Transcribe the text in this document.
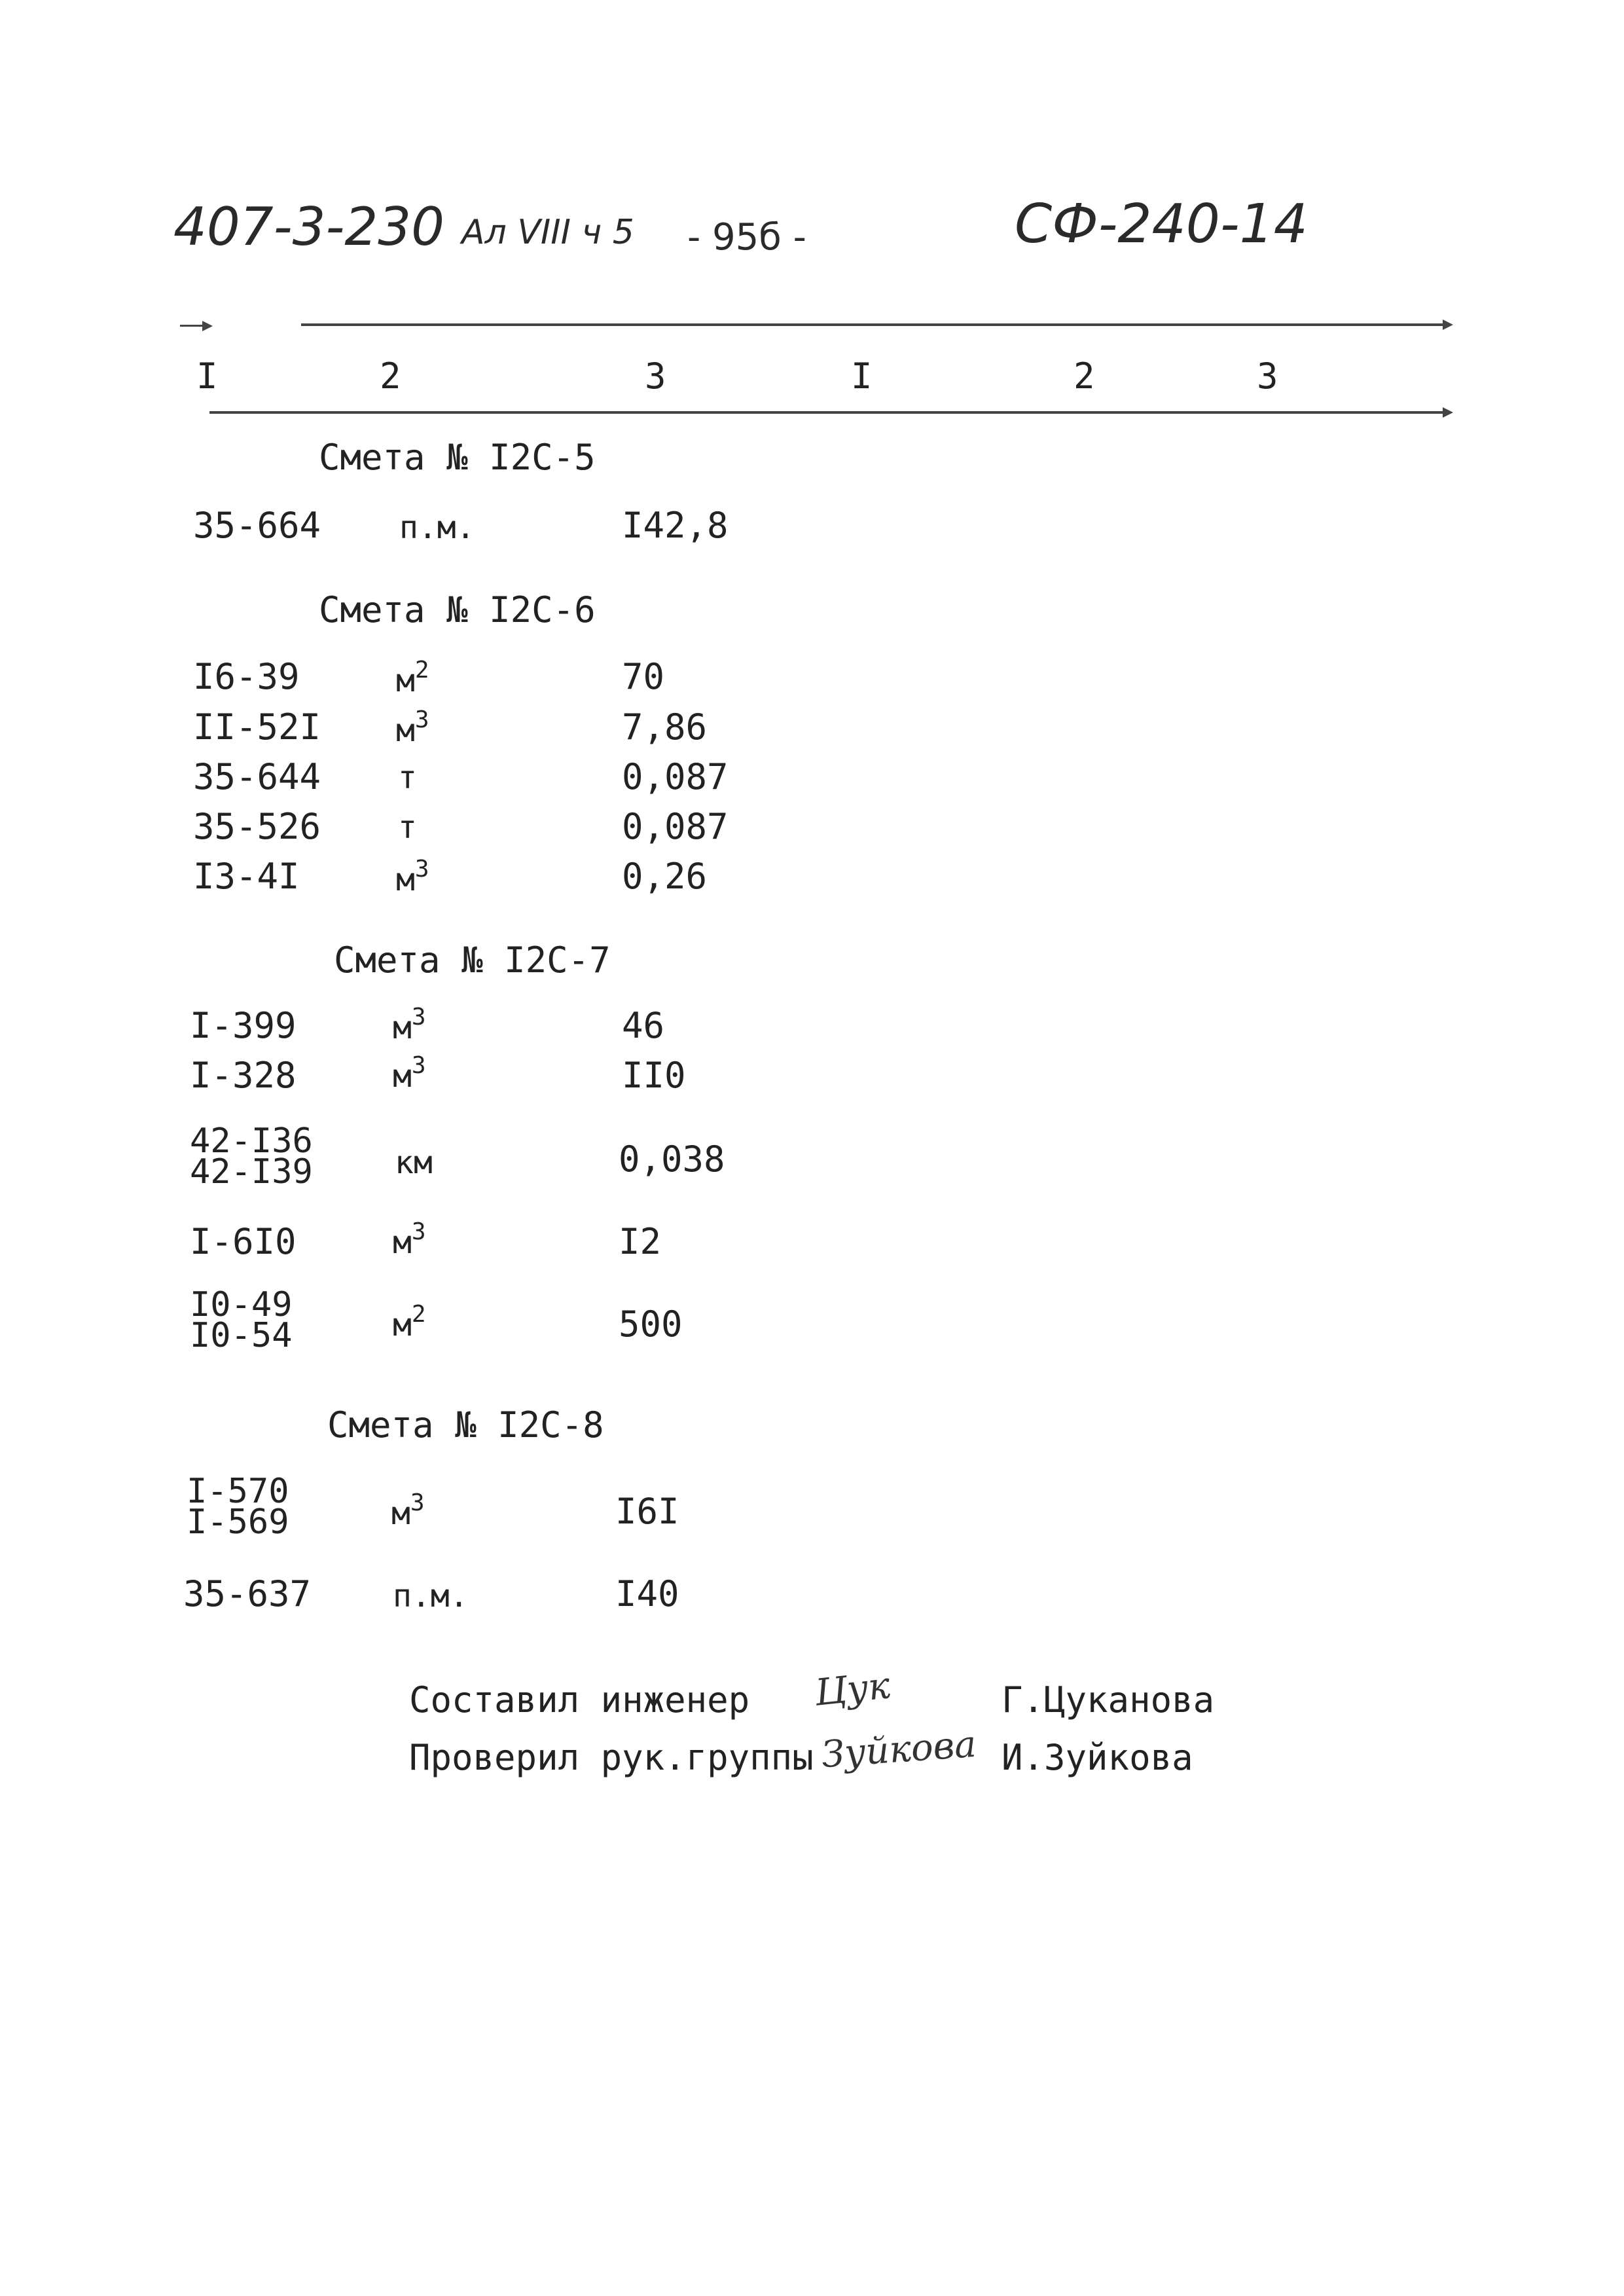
407-3-230 Ал VIII ч 5 - 95б -	СФ-240-14
I	2	3	I	2	3
Смета № I2C-5
35-664 п.м.	I42,8
Смета № I2C-6
I6-39	$м^2$	70
II-52I $м^3$	7,86
35-644 т	0,087
35-526 т	0,087
I3-4I	$м^3$	0,26
Смета № I2C-7
I-399	$м^3$	46
I-328	$м^3$	II0
42-I36
42-I39	км	0,038
I-6I0	$м^3$	I2
I0-49
I0-54	$м^2$	500
Смета № I2C-8
I-570
I-569	$м^3$	I6I
35-637	п.м.	I40
Составил инженер Цук	Г.Цуканова
Проверил рук.группы Зуйкова И.Зуйкова
